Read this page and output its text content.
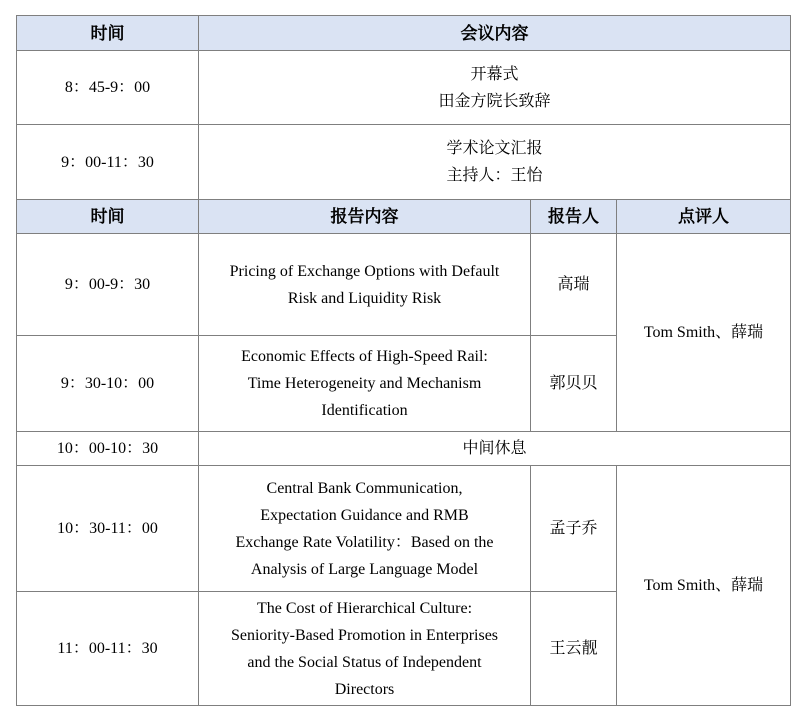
时间	会议内容		
8：45-9：00	开幕式
田金方院长致辞		

9：00-11：30	学术论文汇报
主持人：王怡		

时间	报告内容	报告人	点评人
9：00-9：30	Pricing of Exchange Options with Default
Risk and Liquidity Risk	高瑞	Tom Smith、薛瑞
9：30-10：00	Economic Effects of High-Speed Rail:
Time Heterogeneity and Mechanism
Identification	郭贝贝	
10：00-10：30	中间休息		
10：30-11：00	Central Bank Communication,
Expectation Guidance and RMB
Exchange Rate Volatility：Based on the
Analysis of Large Language Model	孟子乔	Tom Smith、薛瑞
11：00-11：30	The Cost of Hierarchical Culture:
Seniority-Based Promotion in Enterprises
and the Social Status of Independent
Directors	王云靓	
